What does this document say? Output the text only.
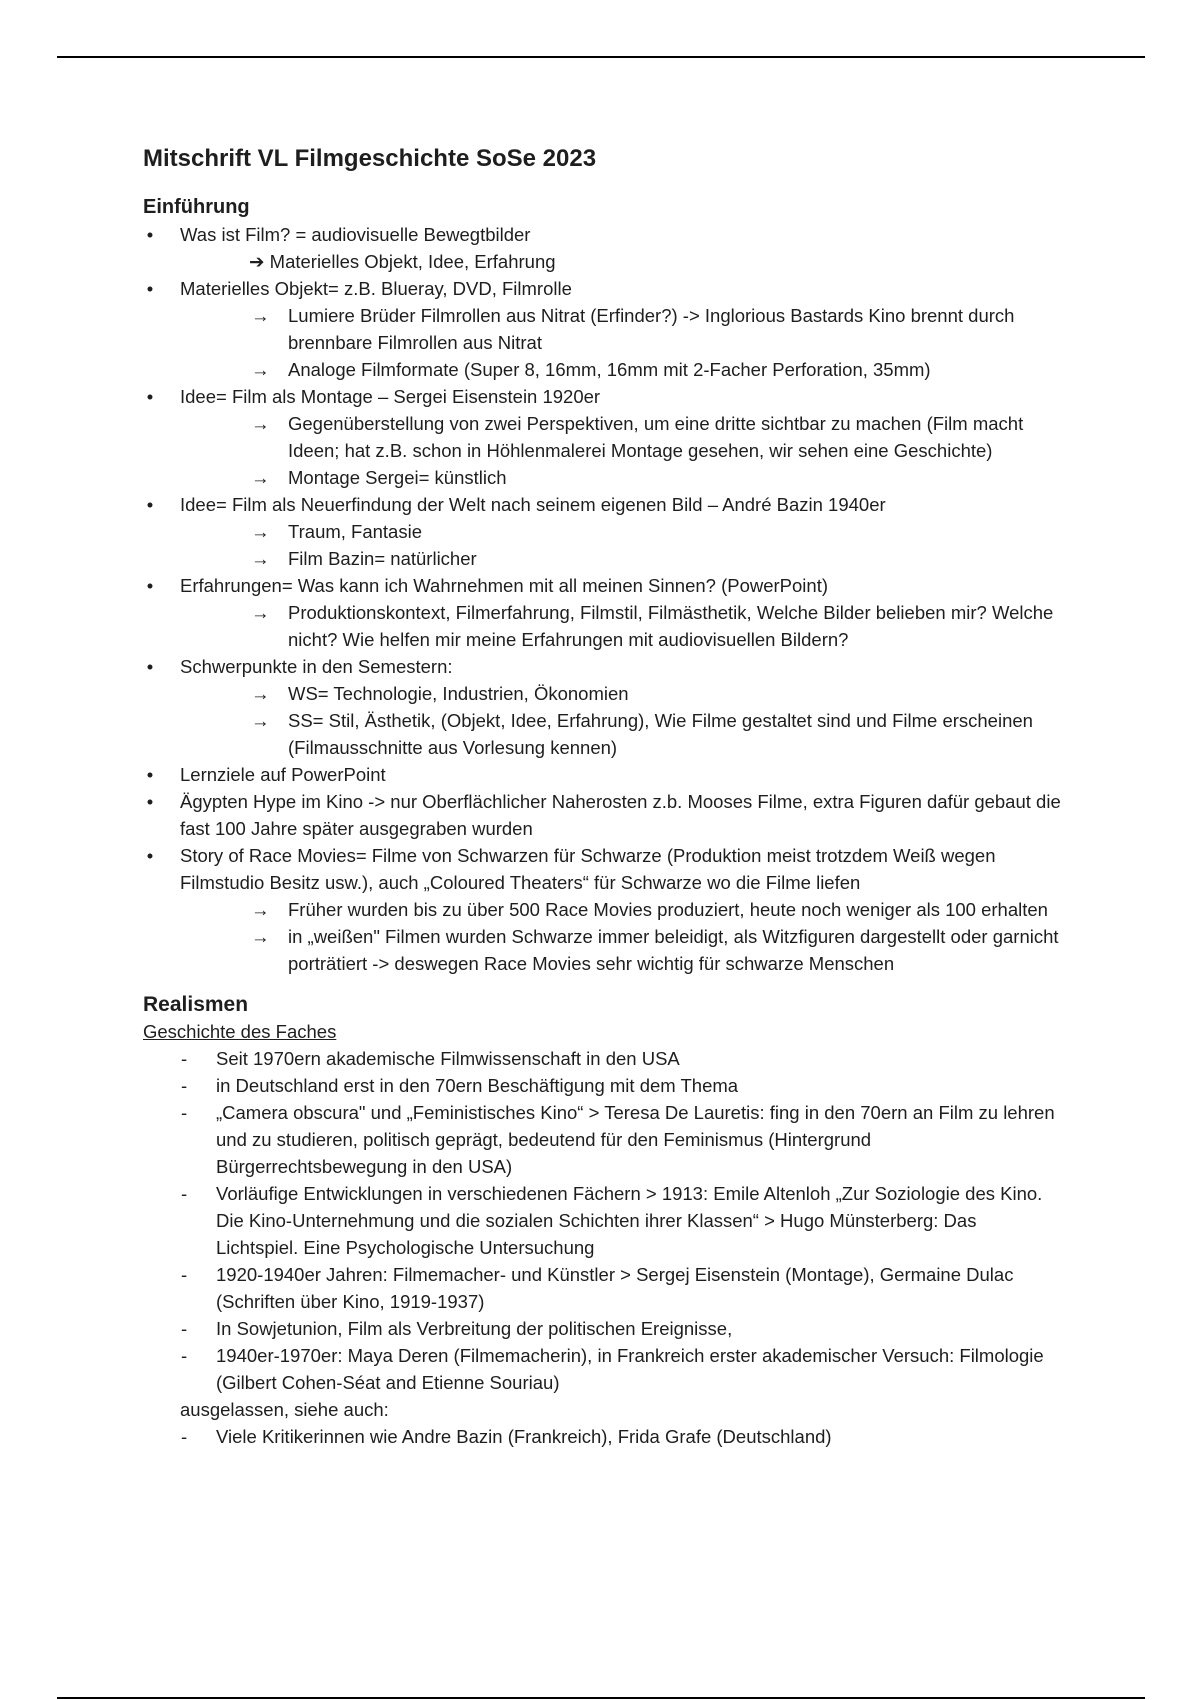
Mitschrift VL Filmgeschichte SoSe 2023
Einführung
• Was ist Film? = audiovisuelle Bewegtbilder
➔ Materielles Objekt, Idee, Erfahrung
• Materielles Objekt= z.B. Blueray, DVD, Filmrolle
→ Lumiere Brüder Filmrollen aus Nitrat (Erfinder?) -> Inglorious Bastards Kino brennt durch brennbare Filmrollen aus Nitrat
→ Analoge Filmformate (Super 8, 16mm, 16mm mit 2-Facher Perforation, 35mm)
• Idee= Film als Montage – Sergei Eisenstein 1920er
→ Gegenüberstellung von zwei Perspektiven, um eine dritte sichtbar zu machen (Film macht Ideen; hat z.B. schon in Höhlenmalerei Montage gesehen, wir sehen eine Geschichte)
→ Montage Sergei= künstlich
• Idee= Film als Neuerfindung der Welt nach seinem eigenen Bild – André Bazin 1940er
→ Traum, Fantasie
→ Film Bazin= natürlicher
• Erfahrungen= Was kann ich Wahrnehmen mit all meinen Sinnen? (PowerPoint)
→ Produktionskontext, Filmerfahrung, Filmstil, Filmästhetik, Welche Bilder belieben mir? Welche nicht? Wie helfen mir meine Erfahrungen mit audiovisuellen Bildern?
• Schwerpunkte in den Semestern:
→ WS= Technologie, Industrien, Ökonomien
→ SS= Stil, Ästhetik, (Objekt, Idee, Erfahrung), Wie Filme gestaltet sind und Filme erscheinen (Filmausschnitte aus Vorlesung kennen)
• Lernziele auf PowerPoint
• Ägypten Hype im Kino -> nur Oberflächlicher Naherosten z.b. Mooses Filme, extra Figuren dafür gebaut die fast 100 Jahre später ausgegraben wurden
• Story of Race Movies= Filme von Schwarzen für Schwarze (Produktion meist trotzdem Weiß wegen Filmstudio Besitz usw.), auch „Coloured Theaters“ für Schwarze wo die Filme liefen
→ Früher wurden bis zu über 500 Race Movies produziert, heute noch weniger als 100 erhalten
→ in „weißen" Filmen wurden Schwarze immer beleidigt, als Witzfiguren dargestellt oder garnicht porträtiert -> deswegen Race Movies sehr wichtig für schwarze Menschen
Realismen
Geschichte des Faches
- Seit 1970ern akademische Filmwissenschaft in den USA
- in Deutschland erst in den 70ern Beschäftigung mit dem Thema
- „Camera obscura" und „Feministisches Kino“ > Teresa De Lauretis: fing in den 70ern an Film zu lehren und zu studieren, politisch geprägt, bedeutend für den Feminismus (Hintergrund Bürgerrechtsbewegung in den USA)
- Vorläufige Entwicklungen in verschiedenen Fächern > 1913: Emile Altenloh „Zur Soziologie des Kino. Die Kino-Unternehmung und die sozialen Schichten ihrer Klassen“ > Hugo Münsterberg: Das Lichtspiel. Eine Psychologische Untersuchung
- 1920-1940er Jahren: Filmemacher- und Künstler > Sergej Eisenstein (Montage), Germaine Dulac (Schriften über Kino, 1919-1937)
- In Sowjetunion, Film als Verbreitung der politischen Ereignisse,
- 1940er-1970er: Maya Deren (Filmemacherin), in Frankreich erster akademischer Versuch: Filmologie (Gilbert Cohen-Séat and Etienne Souriau)
ausgelassen, siehe auch:
- Viele Kritikerinnen wie Andre Bazin (Frankreich), Frida Grafe (Deutschland)
